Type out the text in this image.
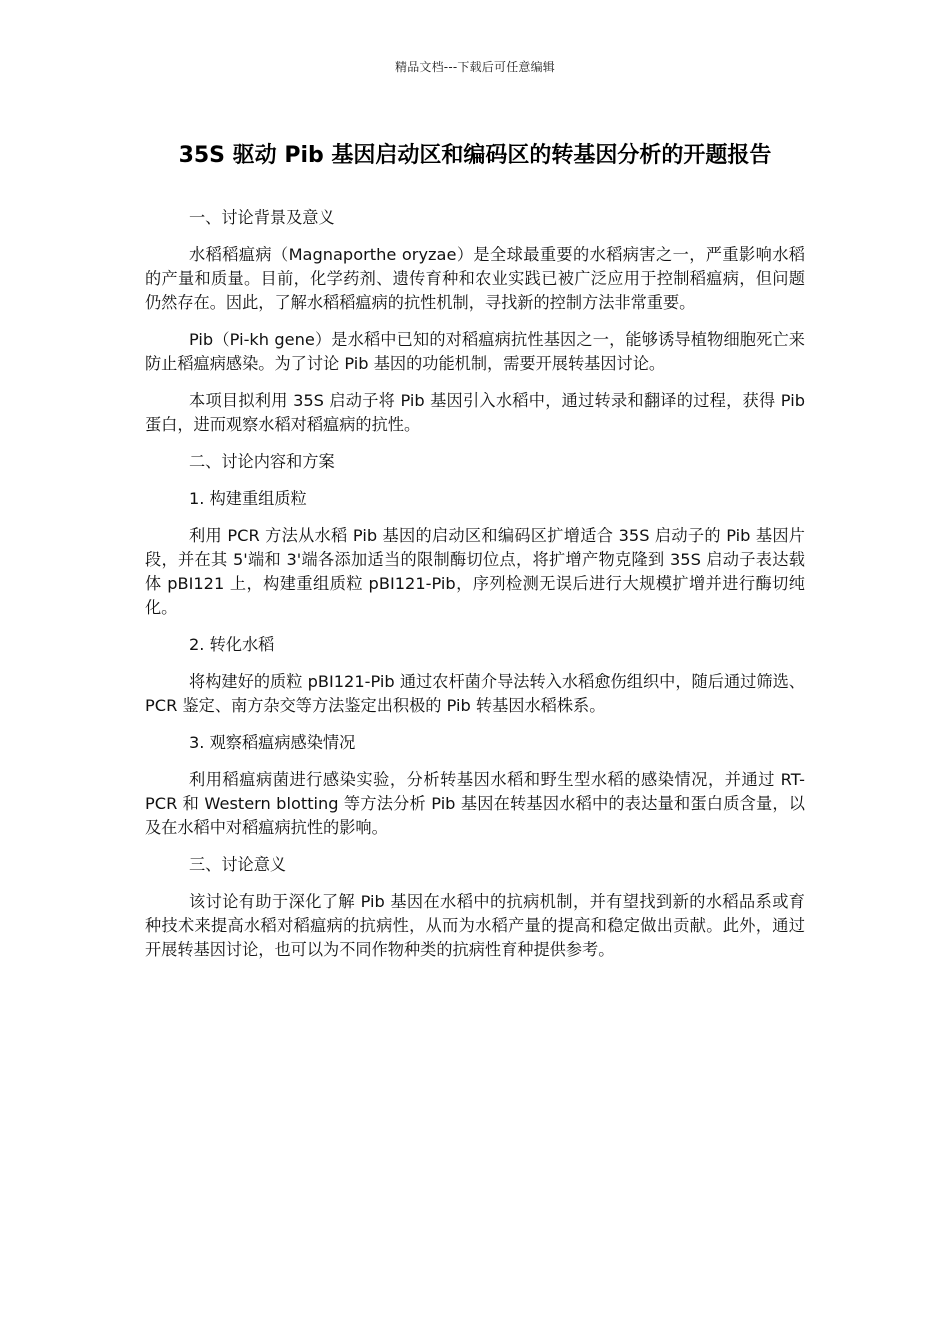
精品文档---下载后可任意编辑
35S 驱动 Pib 基因启动区和编码区的转基因分析的开题报告

一、讨论背景及意义

水稻稻瘟病（Magnaporthe oryzae）是全球最重要的水稻病害之一，严重影响水稻的产量和质量。目前，化学药剂、遗传育种和农业实践已被广泛应用于控制稻瘟病，但问题仍然存在。因此，了解水稻稻瘟病的抗性机制，寻找新的控制方法非常重要。

Pib（Pi-kh gene）是水稻中已知的对稻瘟病抗性基因之一，能够诱导植物细胞死亡来防止稻瘟病感染。为了讨论 Pib 基因的功能机制，需要开展转基因讨论。

本项目拟利用 35S 启动子将 Pib 基因引入水稻中，通过转录和翻译的过程，获得 Pib 蛋白，进而观察水稻对稻瘟病的抗性。

二、讨论内容和方案

1. 构建重组质粒

利用 PCR 方法从水稻 Pib 基因的启动区和编码区扩增适合 35S 启动子的 Pib 基因片段，并在其 5'端和 3'端各添加适当的限制酶切位点，将扩增产物克隆到 35S 启动子表达载体 pBI121 上，构建重组质粒 pBI121-Pib，序列检测无误后进行大规模扩增并进行酶切纯化。

2. 转化水稻

将构建好的质粒 pBI121-Pib 通过农杆菌介导法转入水稻愈伤组织中，随后通过筛选、PCR 鉴定、南方杂交等方法鉴定出积极的 Pib 转基因水稻株系。

3. 观察稻瘟病感染情况

利用稻瘟病菌进行感染实验，分析转基因水稻和野生型水稻的感染情况，并通过 RT-PCR 和 Western blotting 等方法分析 Pib 基因在转基因水稻中的表达量和蛋白质含量，以及在水稻中对稻瘟病抗性的影响。

三、讨论意义

该讨论有助于深化了解 Pib 基因在水稻中的抗病机制，并有望找到新的水稻品系或育种技术来提高水稻对稻瘟病的抗病性，从而为水稻产量的提高和稳定做出贡献。此外，通过开展转基因讨论，也可以为不同作物种类的抗病性育种提供参考。
